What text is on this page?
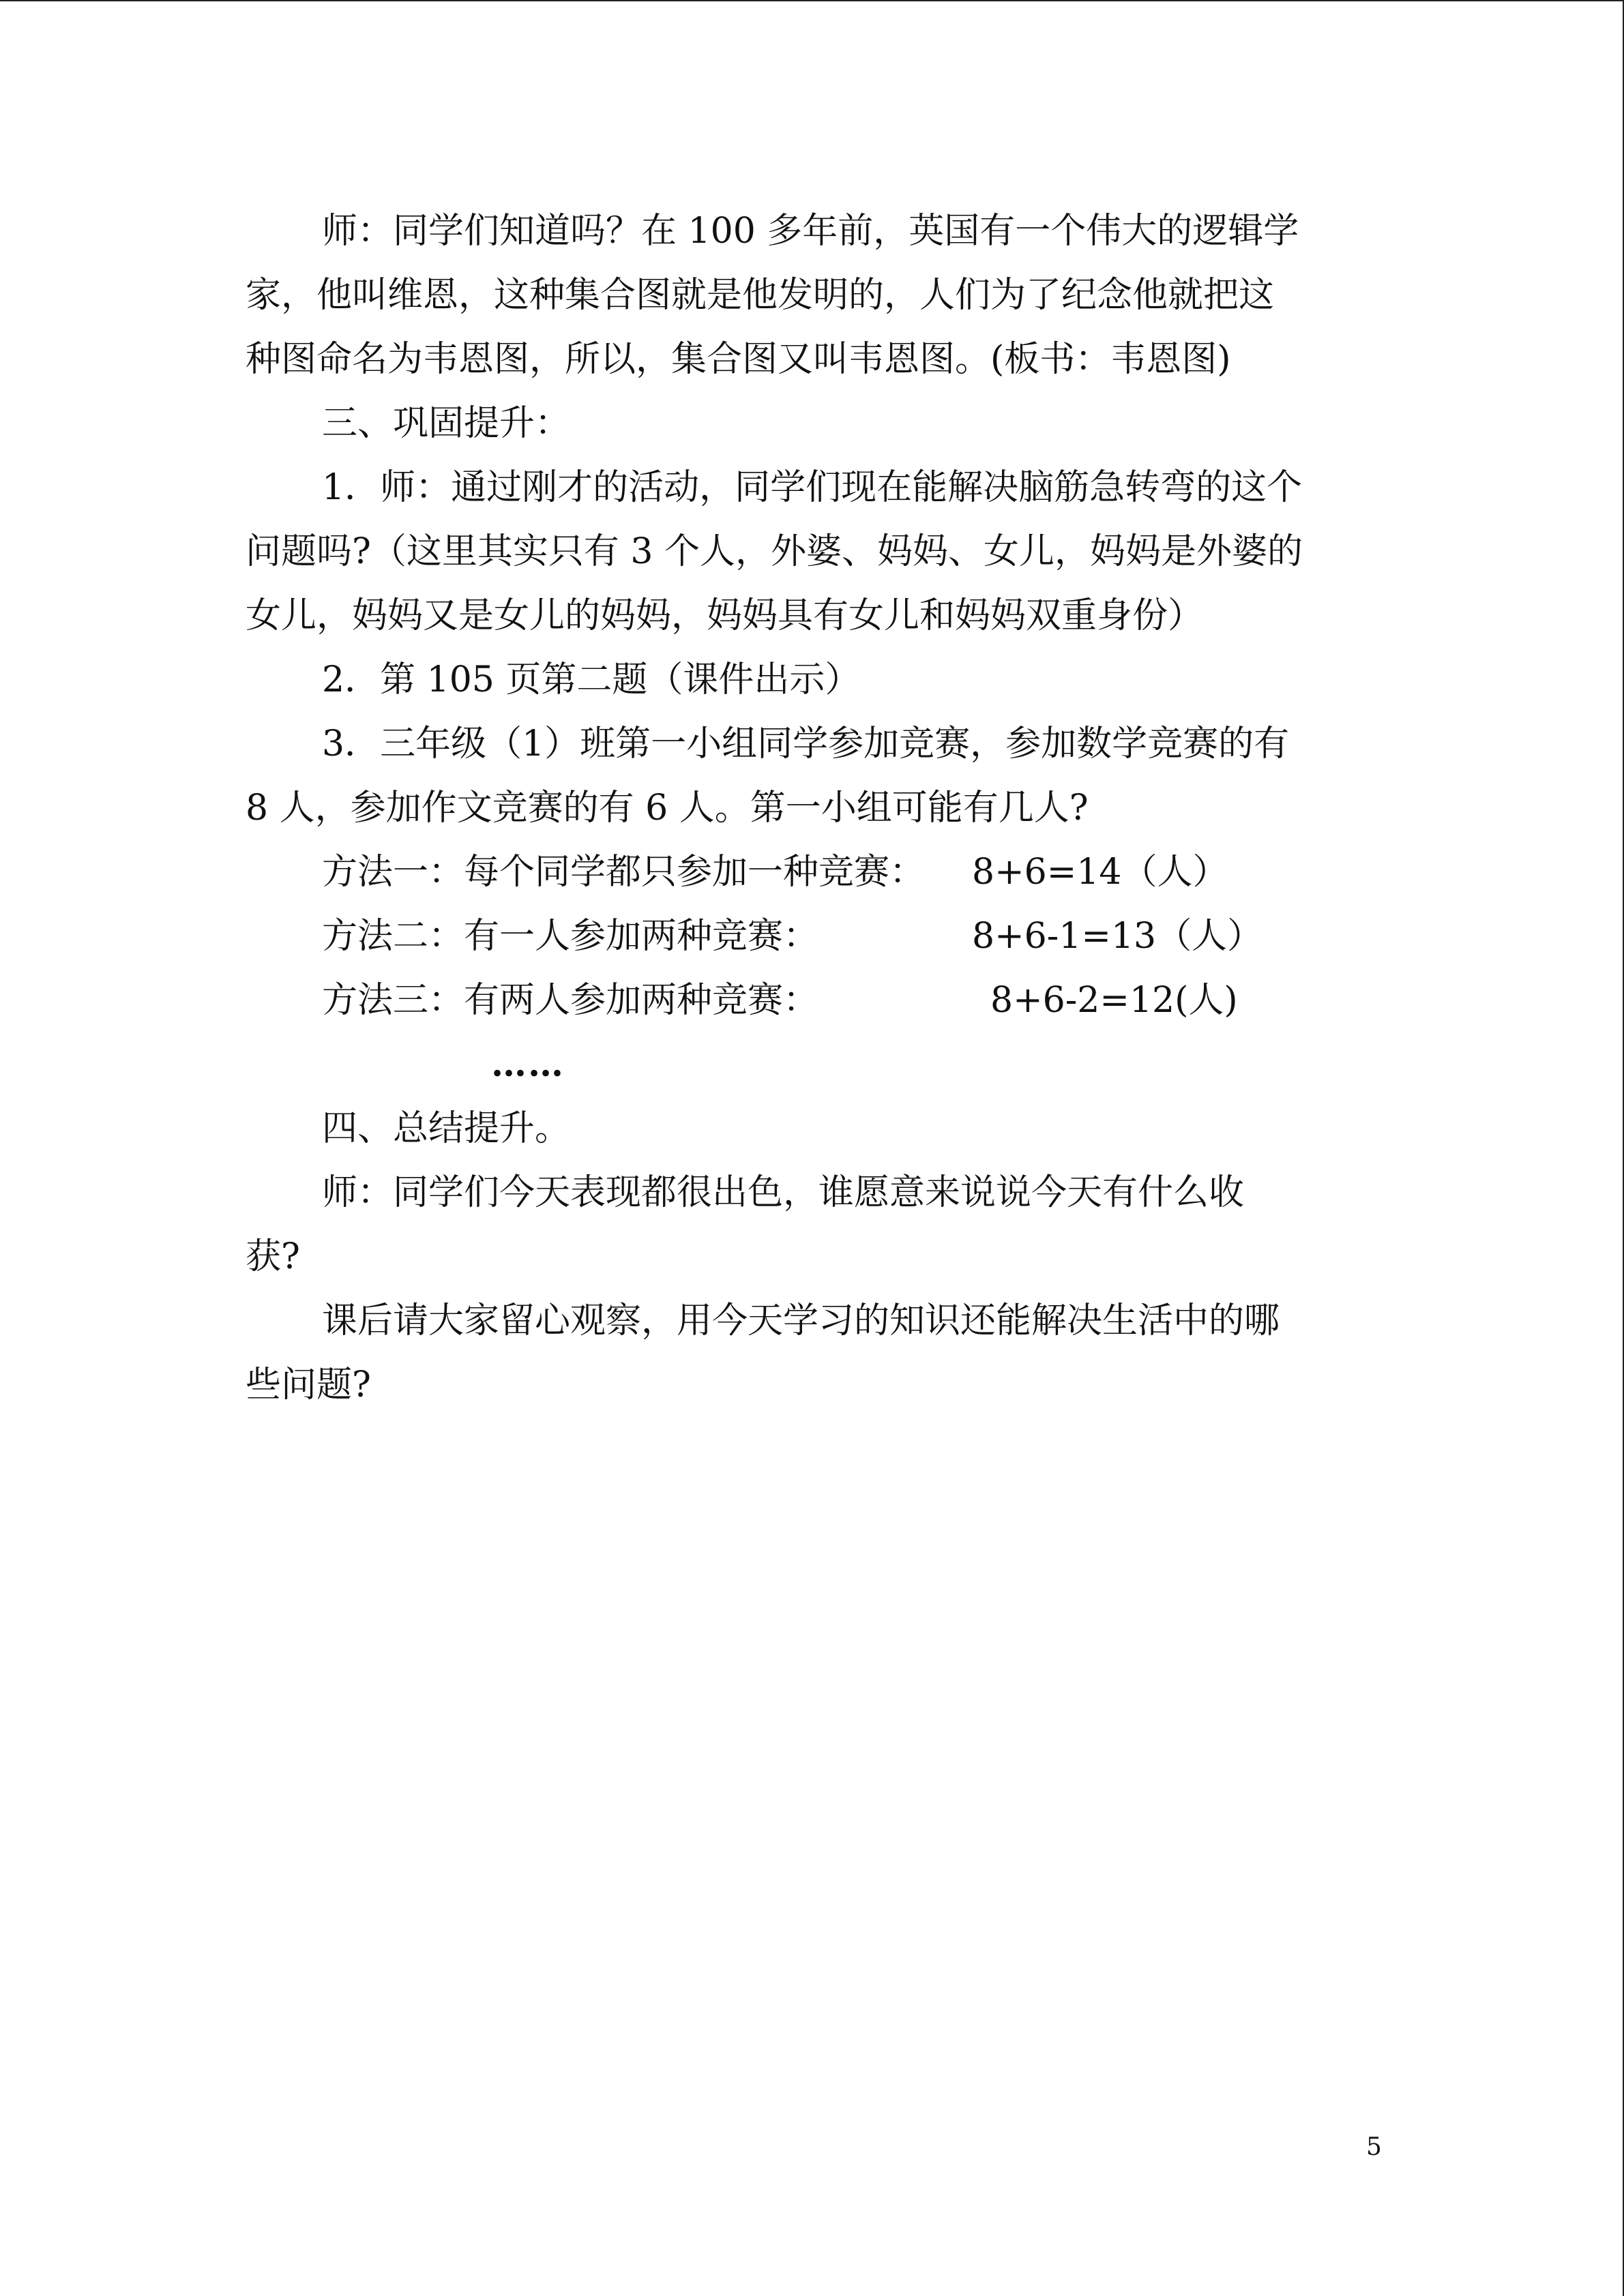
师：同学们知道吗？在 100 多年前，英国有一个伟大的逻辑学

家，他叫维恩，这种集合图就是他发明的，人们为了纪念他就把这

种图命名为韦恩图，所以，集合图又叫韦恩图。(板书：韦恩图)

三、巩固提升：

1．师：通过刚才的活动，同学们现在能解决脑筋急转弯的这个

问题吗?（这里其实只有 3 个人，外婆、妈妈、女儿，妈妈是外婆的

女儿，妈妈又是女儿的妈妈，妈妈具有女儿和妈妈双重身份）

2．第 105 页第二题（课件出示）

3．三年级（1）班第一小组同学参加竞赛，参加数学竞赛的有

8 人，参加作文竞赛的有 6 人。第一小组可能有几人?

方法一：每个同学都只参加一种竞赛： 8+6=14（人）
方法二：有一人参加两种竞赛：	8+6-1=13（人）
方法三：有两人参加两种竞赛：	8+6-2=12(人)

……

四、总结提升。

师：同学们今天表现都很出色，谁愿意来说说今天有什么收

获?

课后请大家留心观察，用今天学习的知识还能解决生活中的哪

些问题?

5
